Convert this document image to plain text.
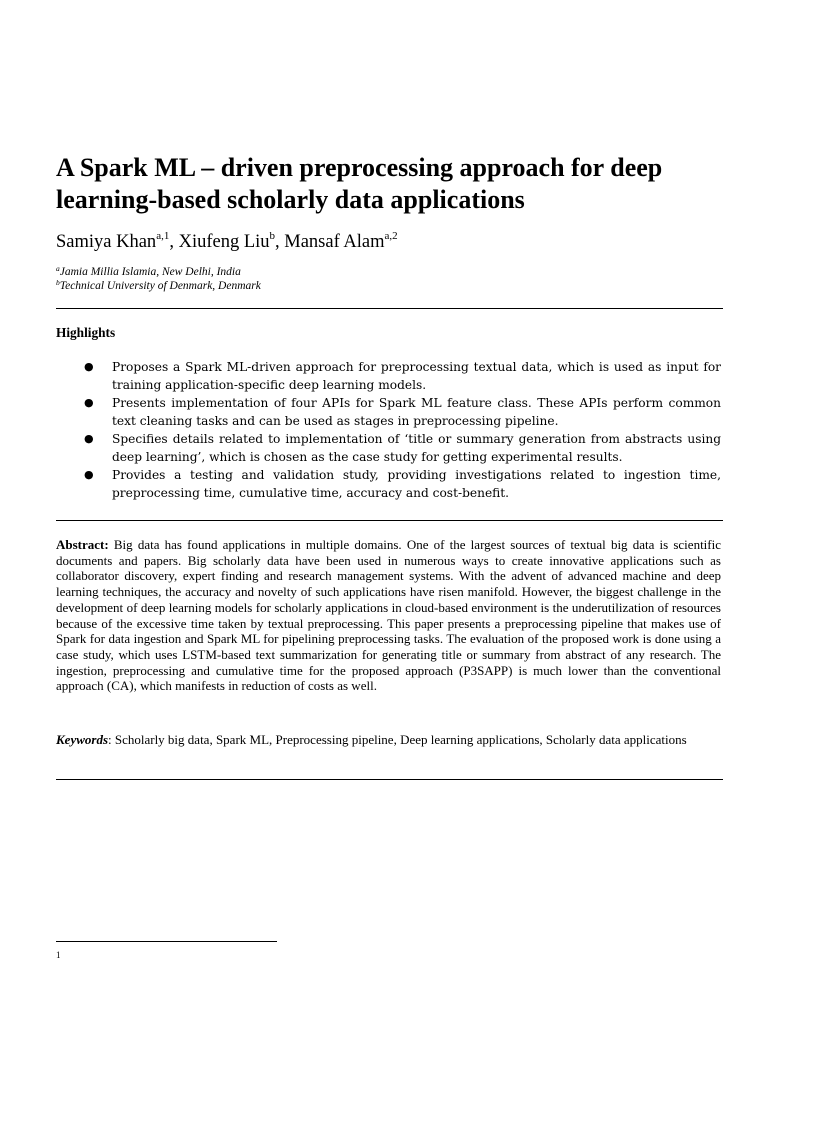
A Spark ML – driven preprocessing approach for deep learning-based scholarly data applications
Samiya Khan$^{a,1}$, Xiufeng Liu$^b$, Mansaf Alam$^{a,2}$
$^a$Jamia Millia Islamia, New Delhi, India
$^b$Technical University of Denmark, Denmark
Highlights
● Proposes a Spark ML-driven approach for preprocessing textual data, which is used as input for training application-specific deep learning models.
● Presents implementation of four APIs for Spark ML feature class. These APIs perform common text cleaning tasks and can be used as stages in preprocessing pipeline.
● Specifies details related to implementation of ‘title or summary generation from abstracts using deep learning’, which is chosen as the case study for getting experimental results.
● Provides a testing and validation study, providing investigations related to ingestion time, preprocessing time, cumulative time, accuracy and cost-benefit.

Abstract: Big data has found applications in multiple domains. One of the largest sources of textual big data is scientific documents and papers. Big scholarly data have been used in numerous ways to create innovative applications such as collaborator discovery, expert finding and research management systems. With the advent of advanced machine and deep learning techniques, the accuracy and novelty of such applications have risen manifold. However, the biggest challenge in the development of deep learning models for scholarly applications in cloud-based environment is the underutilization of resources because of the excessive time taken by textual preprocessing. This paper presents a preprocessing pipeline that makes use of Spark for data ingestion and Spark ML for pipelining preprocessing tasks. The evaluation of the proposed work is done using a case study, which uses LSTM-based text summarization for generating title or summary from abstract of any research. The ingestion, preprocessing and cumulative time for the proposed approach (P3SAPP) is much lower than the conventional approach (CA), which manifests in reduction of costs as well.

Keywords: Scholarly big data, Spark ML, Preprocessing pipeline, Deep learning applications, Scholarly data applications

1
